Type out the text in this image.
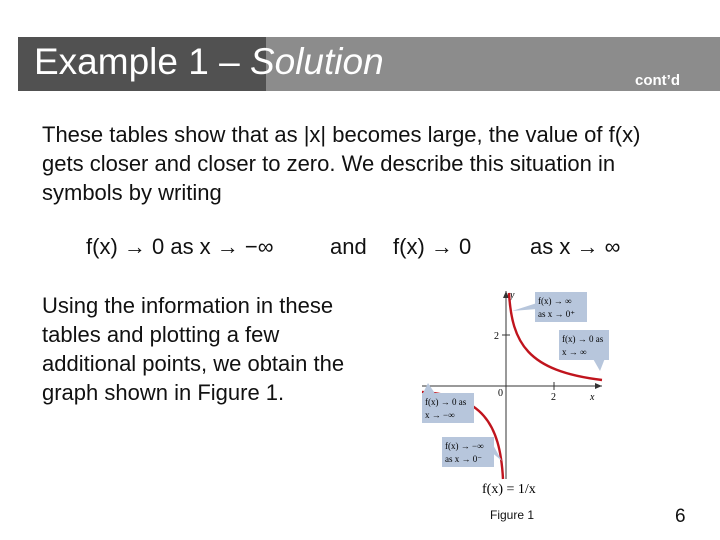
Example 1 – Solution	cont’d
These tables show that as |x| becomes large, the value of f(x) gets closer and closer to zero. We describe this situation in symbols by writing
f(x) → 0 as x → −∞	and f(x) → 0	as x → ∞
Using the information in these tables and plotting a few additional points, we obtain the graph shown in Figure 1.	x
y
2
2
0
f(x) → ∞
as x → 0⁺
f(x) → 0 as
x → ∞
f(x) → 0 as
x → −∞
f(x) → −∞
as x → 0⁻
f(x) = 1/x
Figure 1	6
